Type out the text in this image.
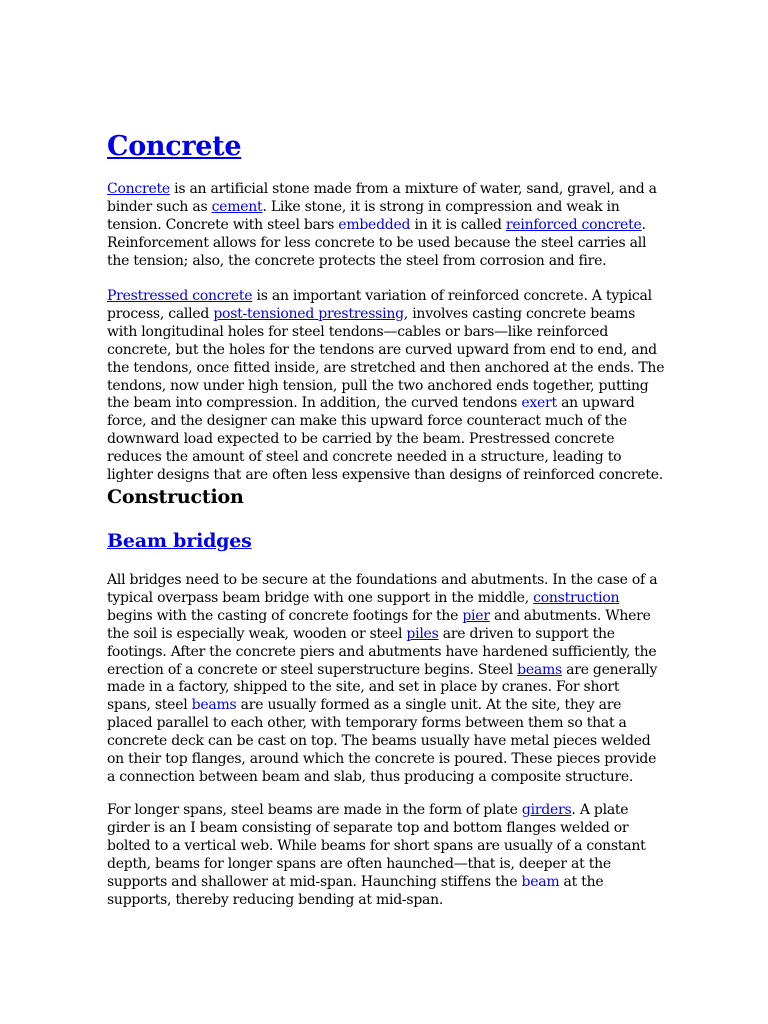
Concrete

Concrete is an artificial stone made from a mixture of water, sand, gravel, and a binder such as cement. Like stone, it is strong in compression and weak in tension. Concrete with steel bars embedded in it is called reinforced concrete. Reinforcement allows for less concrete to be used because the steel carries all the tension; also, the concrete protects the steel from corrosion and fire.

Prestressed concrete is an important variation of reinforced concrete. A typical process, called post-tensioned prestressing, involves casting concrete beams with longitudinal holes for steel tendons—cables or bars—like reinforced concrete, but the holes for the tendons are curved upward from end to end, and the tendons, once fitted inside, are stretched and then anchored at the ends. The tendons, now under high tension, pull the two anchored ends together, putting the beam into compression. In addition, the curved tendons exert an upward force, and the designer can make this upward force counteract much of the downward load expected to be carried by the beam. Prestressed concrete reduces the amount of steel and concrete needed in a structure, leading to lighter designs that are often less expensive than designs of reinforced concrete.

Construction
Beam bridges

All bridges need to be secure at the foundations and abutments. In the case of a typical overpass beam bridge with one support in the middle, construction begins with the casting of concrete footings for the pier and abutments. Where the soil is especially weak, wooden or steel piles are driven to support the footings. After the concrete piers and abutments have hardened sufficiently, the erection of a concrete or steel superstructure begins. Steel beams are generally made in a factory, shipped to the site, and set in place by cranes. For short spans, steel beams are usually formed as a single unit. At the site, they are placed parallel to each other, with temporary forms between them so that a concrete deck can be cast on top. The beams usually have metal pieces welded on their top flanges, around which the concrete is poured. These pieces provide a connection between beam and slab, thus producing a composite structure.

For longer spans, steel beams are made in the form of plate girders. A plate girder is an I beam consisting of separate top and bottom flanges welded or bolted to a vertical web. While beams for short spans are usually of a constant depth, beams for longer spans are often haunched—that is, deeper at the supports and shallower at mid-span. Haunching stiffens the beam at the supports, thereby reducing bending at mid-span.
